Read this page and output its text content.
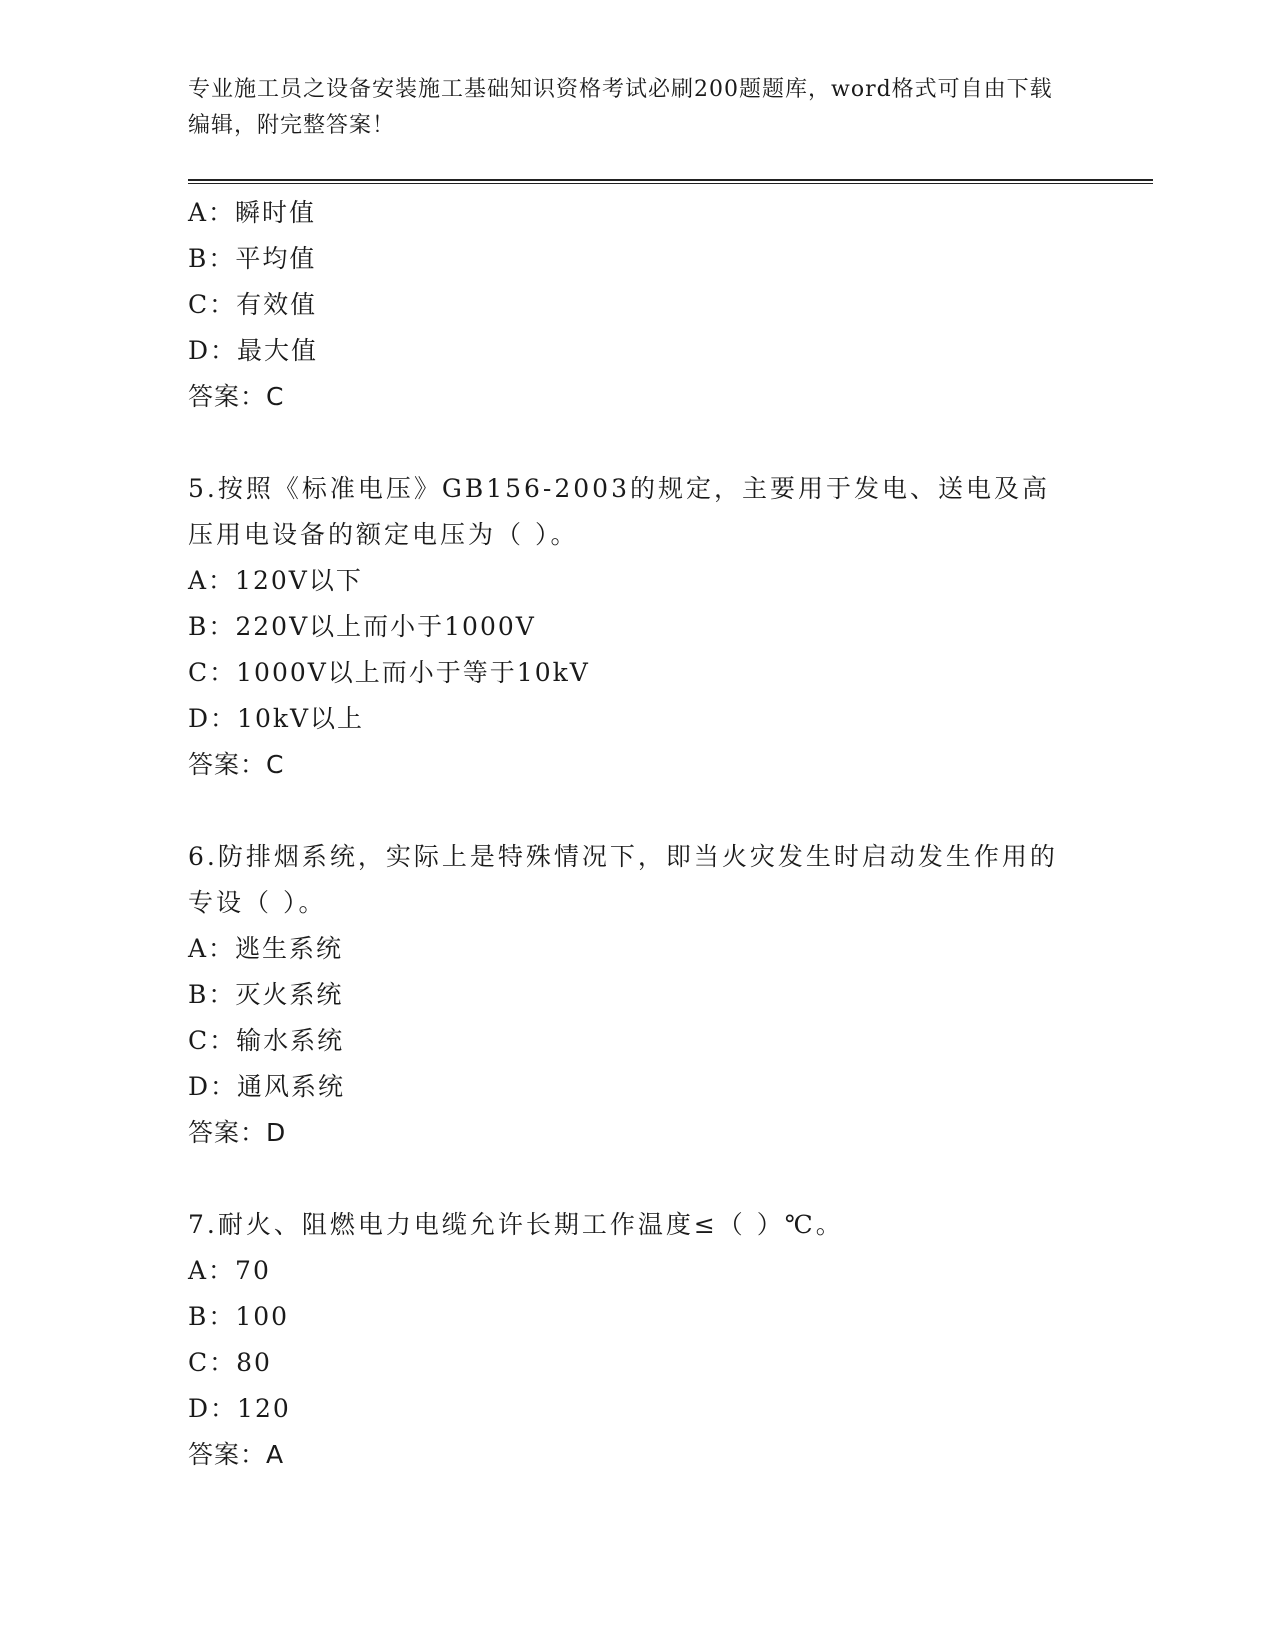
专业施工员之设备安装施工基础知识资格考试必刷200题题库，word格式可自由下载编辑，附完整答案！
A：瞬时值
B：平均值
C：有效值
D：最大值
答案：C
5.按照《标准电压》GB156-2003的规定，主要用于发电、送电及高压用电设备的额定电压为（ ）。
A：120V以下
B：220V以上而小于1000V
C：1000V以上而小于等于10kV
D：10kV以上
答案：C
6.防排烟系统，实际上是特殊情况下，即当火灾发生时启动发生作用的专设（ ）。
A：逃生系统
B：灭火系统
C：输水系统
D：通风系统
答案：D
7.耐火、阻燃电力电缆允许长期工作温度≤（ ）℃。
A：70
B：100
C：80
D：120
答案：A
